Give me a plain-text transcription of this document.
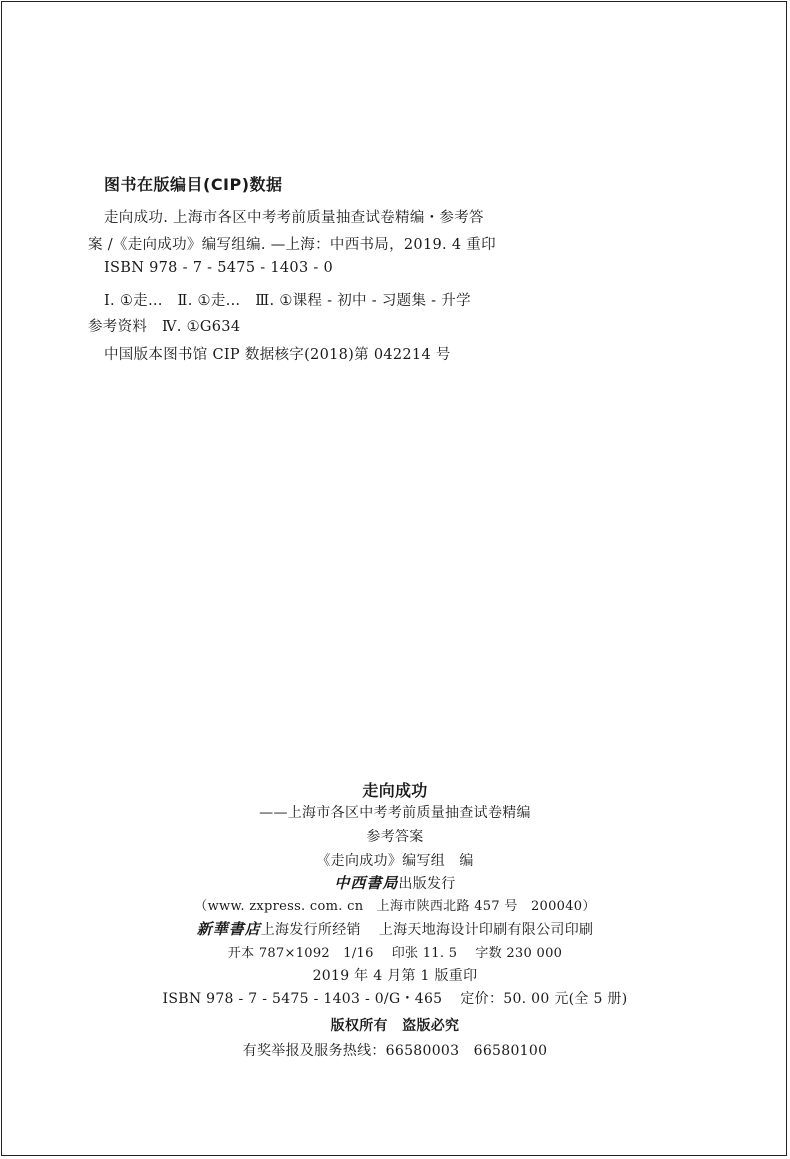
图书在版编目(CIP)数据
走向成功. 上海市各区中考考前质量抽查试卷精编・参考答
案 /《走向成功》编写组编. —上海：中西书局，2019. 4 重印
ISBN 978 - 7 - 5475 - 1403 - 0
Ⅰ. ①走…　Ⅱ. ①走…　Ⅲ. ①课程 - 初中 - 习题集 - 升学
参考资料　Ⅳ. ①G634
中国版本图书馆 CIP 数据核字(2018)第 042214 号
走向成功
——上海市各区中考考前质量抽查试卷精编
参考答案
《走向成功》编写组　编
中西書局出版发行
（www. zxpress. com. cn　上海市陕西北路 457 号　200040）
新華書店上海发行所经销 上海天地海设计印刷有限公司印刷
开本 787×1092　1/16 印张 11. 5 字数 230 000
2019 年 4 月第 1 版重印
ISBN 978 - 7 - 5475 - 1403 - 0/G・465 定价：50. 00 元(全 5 册)
版权所有　盗版必究
有奖举报及服务热线：66580003　66580100
